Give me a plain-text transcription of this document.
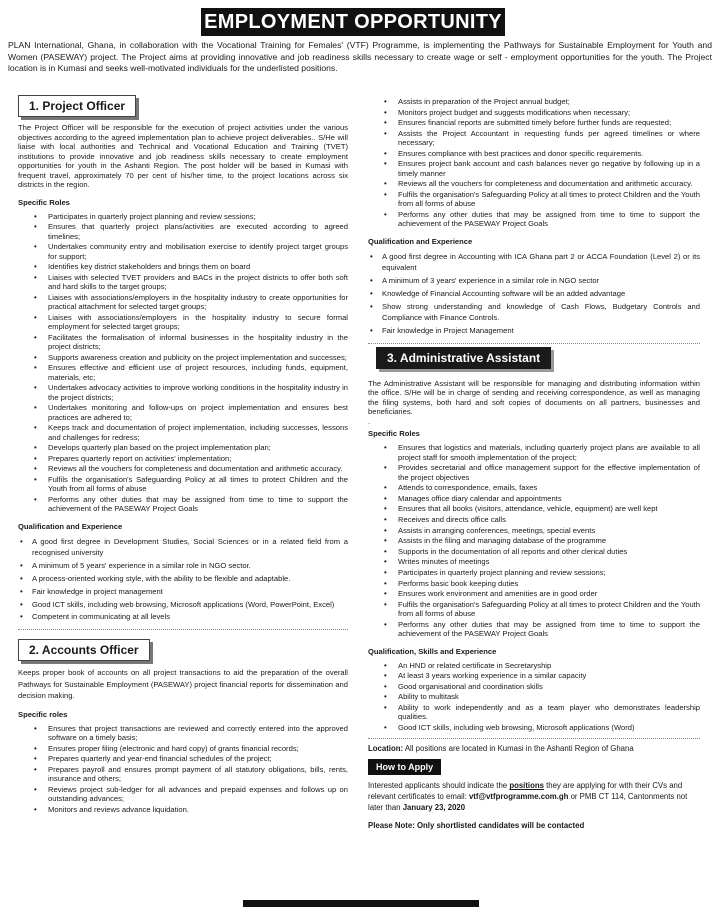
EMPLOYMENT OPPORTUNITY

PLAN International, Ghana, in collaboration with the Vocational Training for Females' (VTF) Programme, is implementing the Pathways for Sustainable Employment for Youth and Women (PASEWAY) project. The Project aims at providing innovative and job readiness skills necessary to create wage or self - employment opportunities for the youth. The Project location is in Kumasi and seeks well-motivated individuals for the underlisted positions.

1. Project Officer

The Project Officer will be responsible for the execution of project activities under the various objectives according to the agreed implementation plan to achieve project deliverables.. S/He will liaise with local authorities and Technical and Vocational Education and Training (TVET) institutions to provide innovative and job readiness skills necessary to create employment opportunities for youth in the Ashanti Region. The post holder will be based in Kumasi with frequent travel, approximately 70 per cent of his/her time, to the project locations across six districts in the region.

Specific Roles
• Participates in quarterly project planning and review sessions;
• Ensures that quarterly project plans/activities are executed according to agreed timelines;
• Undertakes community entry and mobilisation exercise to identify project target groups for support;
• Identifies key district stakeholders and brings them on board
• Liaises with selected TVET providers and BACs in the project districts to offer both soft and hard skills to the target groups;
• Liaises with associations/employers in the hospitality industry to create opportunities for practical attachment for selected target groups;
• Liaises with associations/employers in the hospitality industry to secure formal employment for selected target groups;
• Facilitates the formalisation of informal businesses in the hospitality industry in the project districts;
• Supports awareness creation and publicity on the project implementation and successes;
• Ensures effective and efficient use of project resources, including funds, equipment, materials, etc;
• Undertakes advocacy activities to improve working conditions in the hospitality industry in the project districts;
• Undertakes monitoring and follow-ups on project implementation and ensures best practices are adhered to;
• Keeps track and documentation of project implementation, including successes, lessons and challenges for redress;
• Develops quarterly plan based on the project implementation plan;
• Prepares quarterly report on activities' implementation;
• Reviews all the vouchers for completeness and documentation and arithmetic accuracy.
• Fulfils the organisation's Safeguarding Policy at all times to protect Children and the Youth from all forms of abuse
• Performs any other duties that may be assigned from time to time to support the achievement of the PASEWAY Project Goals
Qualification and Experience
• A good first degree in Development Studies, Social Sciences or in a related field from a recognised university
• A minimum of 5 years' experience in a similar role in NGO sector.
• A process-oriented working style, with the ability to be flexible and adaptable.
• Fair knowledge in project management
• Good ICT skills, including web browsing, Microsoft applications (Word, PowerPoint, Excel)
• Competent in communicating at all levels
2. Accounts Officer

Keeps proper book of accounts on all project transactions to aid the preparation of the overall Pathways for Sustainable Employment (PASEWAY) project financial reports for dissemination and decision making.

Specific roles
• Ensures that project transactions are reviewed and correctly entered into the approved software on a timely basis;
• Ensures proper filing (electronic and hard copy) of grants financial records;
• Prepares quarterly and year-end financial schedules of the project;
• Prepares payroll and ensures prompt payment of all statutory obligations, bills, rents, insurance and others;
• Reviews project sub-ledger for all advances and prepaid expenses and follows up on outstanding advances;
• Monitors and reviews advance liquidation.
• Assists in preparation of the Project annual budget;
• Monitors project budget and suggests modifications when necessary;
• Ensures financial reports are submitted timely before further funds are requested;
• Assists the Project Accountant in requesting funds per agreed timelines or where necessary;
• Ensures compliance with best practices and donor specific requirements.
• Ensures project bank account and cash balances never go negative by following up in a timely manner
• Reviews all the vouchers for completeness and documentation and arithmetic accuracy.
• Fulfils the organisation's Safeguarding Policy at all times to protect Children and the Youth from all forms of abuse
• Performs any other duties that may be assigned from time to time to support the achievement of the PASEWAY Project Goals
Qualification and Experience
• A good first degree in Accounting with ICA Ghana part 2 or ACCA Foundation (Level 2) or its equivalent
• A minimum of 3 years' experience in a similar role in NGO sector
• Knowledge of Financial Accounting software will be an added advantage
• Show strong understanding and knowledge of Cash Flows, Budgetary Controls and Compliance with Finance Controls.
• Fair knowledge in Project Management
3. Administrative Assistant

The Administrative Assistant will be responsible for managing and distributing information within the office. S/He will be in charge of sending and receiving correspondence, as well as managing the filing systems, both hard and soft copies of documents on all partners, businesses and beneficiaries.

.

Specific Roles
• Ensures that logistics and materials, including quarterly project plans are available to all project staff for smooth implementation of the project;
• Provides secretarial and office management support for the effective implementation of the project objectives
• Attends to correspondence, emails, faxes
• Manages office diary calendar and appointments
• Ensures that all books (visitors, attendance, vehicle, equipment) are well kept
• Receives and directs office calls
• Assists in arranging conferences, meetings, special events
• Assists in the filing and managing database of the programme
• Supports in the documentation of all reports and other clerical duties
• Writes minutes of meetings
• Participates in quarterly project planning and review sessions;
• Performs basic book keeping duties
• Ensures work environment and amenities are in good order
• Fulfils the organisation's Safeguarding Policy at all times to protect Children and the Youth from all forms of abuse
• Performs any other duties that may be assigned from time to time to support the achievement of the PASEWAY Project Goals
Qualification, Skills and Experience
• An HND or related certificate in Secretaryship
• At least 3 years working experience in a similar capacity
• Good organisational and coordination skills
• Ability to multitask
• Ability to work independently and as a team player who demonstrates leadership qualities.
• Good ICT skills, including web browsing, Microsoft applications (Word)
Location: All positions are located in Kumasi in the Ashanti Region of Ghana
How to Apply

Interested applicants should indicate the positions they are applying for with their CVs and relevant certificates to email: vtf@vtfprogramme.com.gh or PMB CT 114, Cantonments not later than January 23, 2020

Please Note: Only shortlisted candidates will be contacted
